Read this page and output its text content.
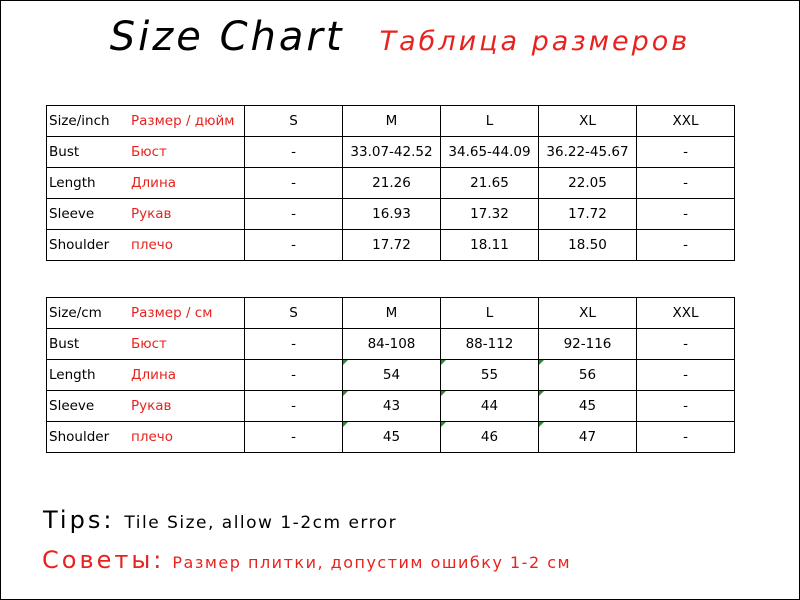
Size Chart Таблица размеров
Size/inch Размер / дюйм	S	M	L	XL	XXL
Bust Бюст	-	33.07-42.52	34.65-44.09	36.22-45.67	-
Length Длина	-	21.26	21.65	22.05	-
Sleeve Рукав	-	16.93	17.32	17.72	-
Shoulder плечо	-	17.72	18.11	18.50	-
Size/cm Размер / см	S	M	L	XL	XXL
Bust Бюст	-	84-108	88-112	92-116	-
Length Длина	-	54	55	56	-
Sleeve Рукав	-	43	44	45	-
Shoulder плечо	-	45	46	47	-
Tips: Tile Size, allow 1-2cm error
Советы: Размер плитки, допустим ошибку 1-2 см
